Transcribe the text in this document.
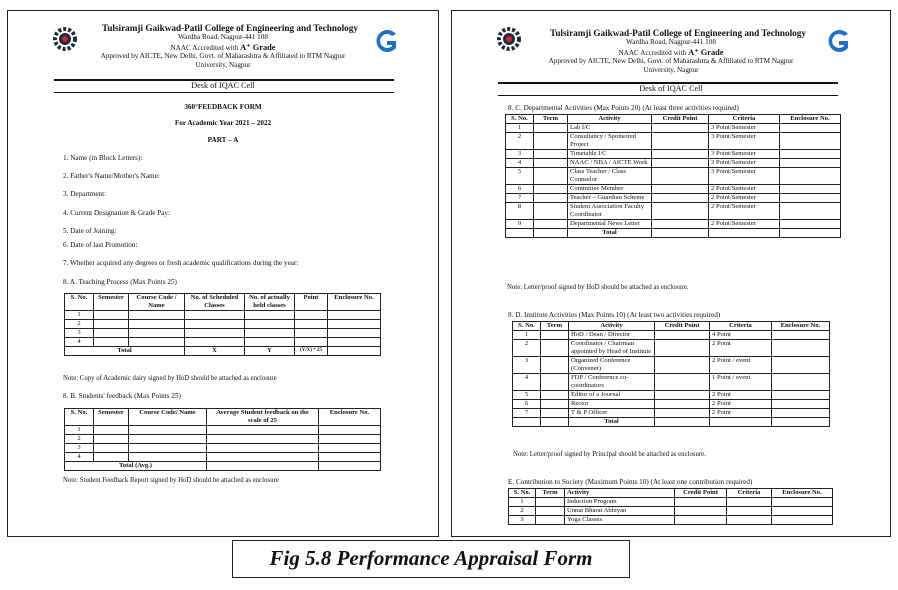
Tulsiramji Gaikwad-Patil College of Engineering and Technology
Wardha Road, Nagpur-441 108
NAAC Accredited with A⁺ Grade
Approved by AICTE, New Delhi, Govt. of Maharashtra & Affiliated to RTM Nagpur
University, Nagpur
Desk of IQAC Cell
360°FEEDBACK FORM
For Academic Year 2021 – 2022
PART – A
1. Name (in Block Letters):
2. Father's Name/Mother's Name:
3. Department:
4. Current Designation & Grade Pay:
5. Date of Joining:
6. Date of last Promotion:
7. Whether acquired any degrees or fresh academic qualifications during the year:
8. A. Teaching Process (Max Points 25)
S. No.	Semester	Course Code / Name	No. of Scheduled Classes	No. of actually held classes	Point	Enclosure No.
1						
2						
3						
4						
Total			X	Y	(Y/X) * 25	
Note: Copy of Academic dairy signed by HoD should be attached as enclosure
8. B. Students' feedback (Max Points 25)
S. No.	Semester	Course Code/ Name	Average Student feedback on the scale of 25	Enclosure No.
1				
2				
3				
4				
Total (Avg.)				
Note: Student Feedback Report signed by HoD should be attached as enclosure
Tulsiramji Gaikwad-Patil College of Engineering and Technology
Wardha Road, Nagpur-441 108
NAAC Accredited with A⁺ Grade
Approved by AICTE, New Delhi, Govt. of Maharashtra & Affiliated to RTM Nagpur
University, Nagpur
Desk of IQAC Cell
8. C. Departmental Activities (Max Points 20) (At least three activities required)
S. No.	Term	Activity	Credit Point	Criteria	Enclosure No.
1		Lab I/C		3 Point/Semester	
2		Consultancy / Sponsored Project		3 Point/Semester	
3		Timetable I/C		3 Point/Semester	
4		NAAC / NBA / AICTE Work		3 Point/Semester	
5		Class Teacher / Class Counselor		3 Point/Semester	
6		Committee Member		2 Point/Semester	
7		Teacher – Guardian Scheme		2 Point/Semester	
8		Student Association Faculty Coordinator		2 Point/Semester	
9		Departmental News Letter		2 Point/Semester	
		Total			
Note: Letter/proof signed by HoD should be attached as enclosure.
8. D. Institute Activities (Max Points 10) (At least two activities required)
S. No.	Term	Activity	Credit Point	Criteria	Enclosure No.
1		HoD / Dean / Director		4 Point	
2		Coordinator / Chairman appointed by Head of Institute		2 Point	
3		Organized Conference (Convener)		2 Point / event	
4		FDP / Conference co-coordinators		1 Point / event	
5		Editor of a Journal		2 Point	
6		Rector		2 Point	
7		T & P Officer		2 Point	
		Total			
Note: Letter/proof signed by Principal should be attached as enclosure.
E. Contribution to Society (Maximum Points 10) (At least one contribution required)
S. No.	Term	Activity	Credit Point	Criteria	Enclosure No.
1		Induction Program			
2		Unnat Bharat Abhiyan			
3		Yoga Classes			
Fig 5.8 Performance Appraisal Form
